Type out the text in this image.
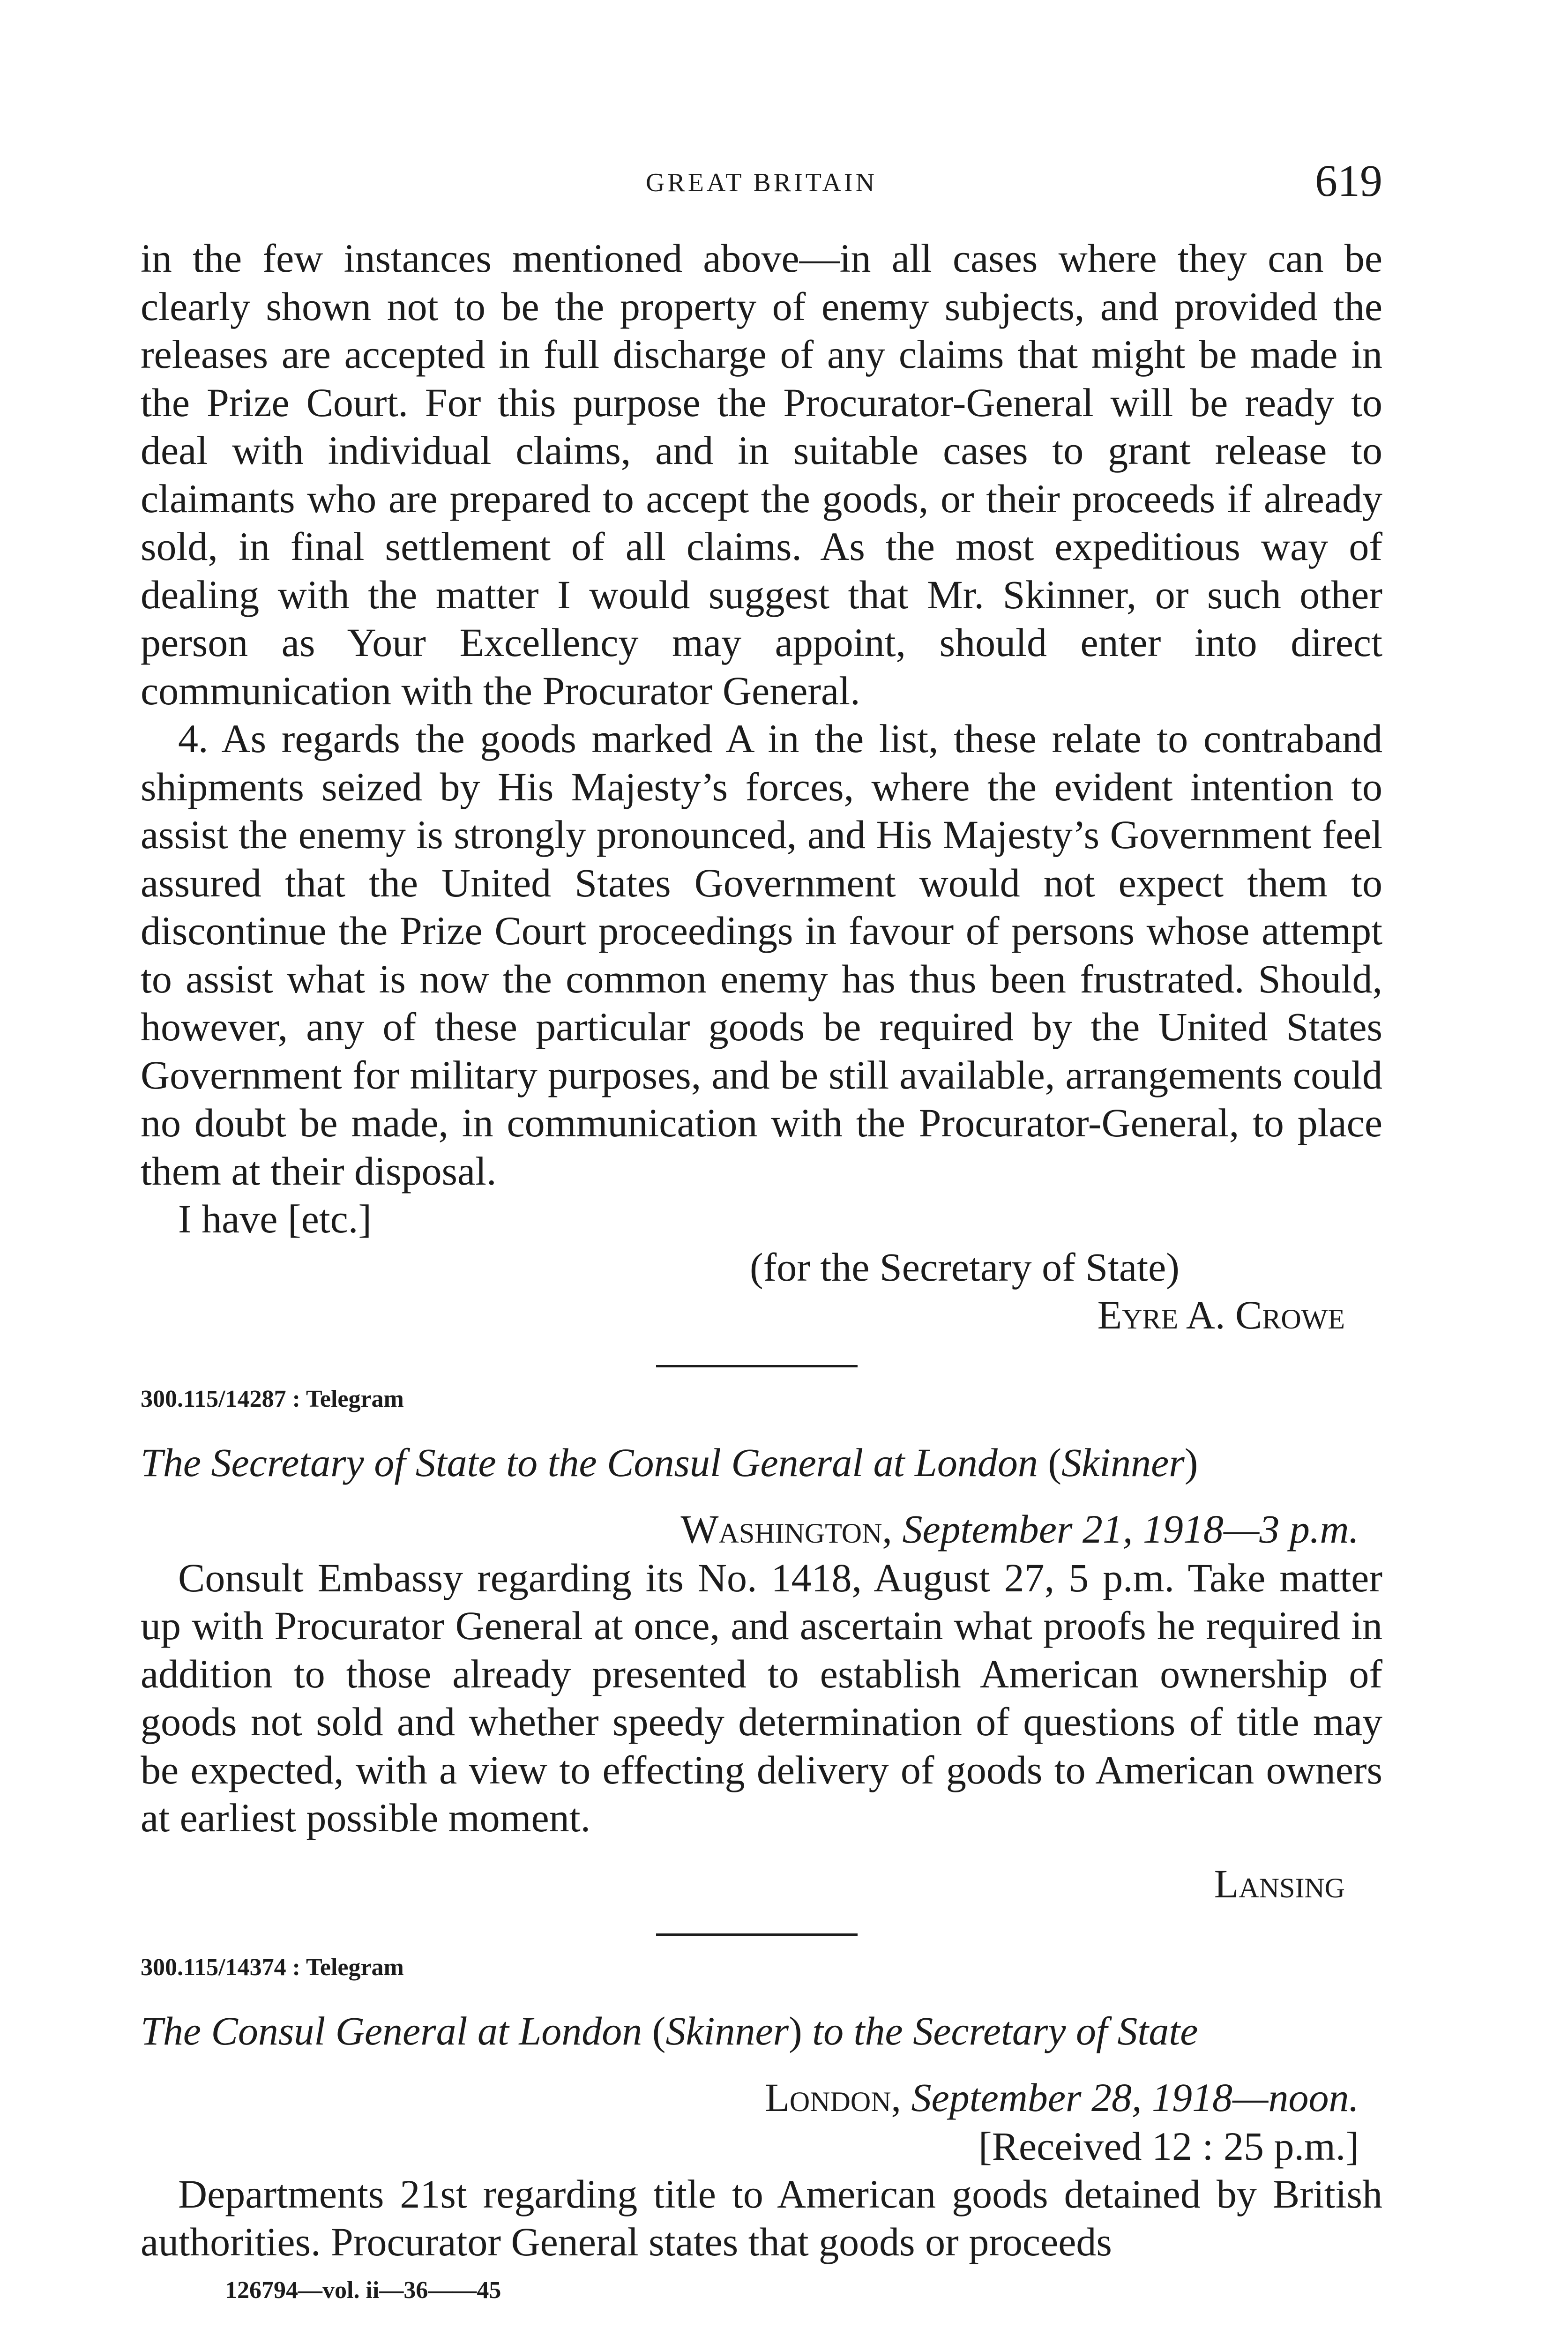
GREAT BRITAIN	619

in the few instances mentioned above—in all cases where they can be clearly shown not to be the property of enemy subjects, and provided the releases are accepted in full discharge of any claims that might be made in the Prize Court. For this purpose the Procurator-General will be ready to deal with individual claims, and in suitable cases to grant release to claimants who are prepared to accept the goods, or their proceeds if already sold, in final settlement of all claims. As the most expeditious way of dealing with the matter I would suggest that Mr. Skinner, or such other person as Your Excellency may appoint, should enter into direct communication with the Procurator General.

4. As regards the goods marked A in the list, these relate to contraband shipments seized by His Majesty’s forces, where the evident intention to assist the enemy is strongly pronounced, and His Majesty’s Government feel assured that the United States Government would not expect them to discontinue the Prize Court proceedings in favour of persons whose attempt to assist what is now the common enemy has thus been frustrated. Should, however, any of these particular goods be required by the United States Government for military purposes, and be still available, arrangements could no doubt be made, in communication with the Procurator-General, to place them at their disposal.

I have [etc.]

(for the Secretary of State)
Eyre A. Crowe
300.115/14287 : Telegram
The Secretary of State to the Consul General at London (Skinner)
Washington, September 21, 1918—3 p.m.

Consult Embassy regarding its No. 1418, August 27, 5 p.m. Take matter up with Procurator General at once, and ascertain what proofs he required in addition to those already presented to establish American ownership of goods not sold and whether speedy determination of questions of title may be expected, with a view to effecting delivery of goods to American owners at earliest possible moment.

Lansing
300.115/14374 : Telegram
The Consul General at London (Skinner) to the Secretary of State
London, September 28, 1918—noon.
[Received 12 : 25 p.m.]

Departments 21st regarding title to American goods detained by British authorities. Procurator General states that goods or proceeds

126794—vol. ii—36——45
